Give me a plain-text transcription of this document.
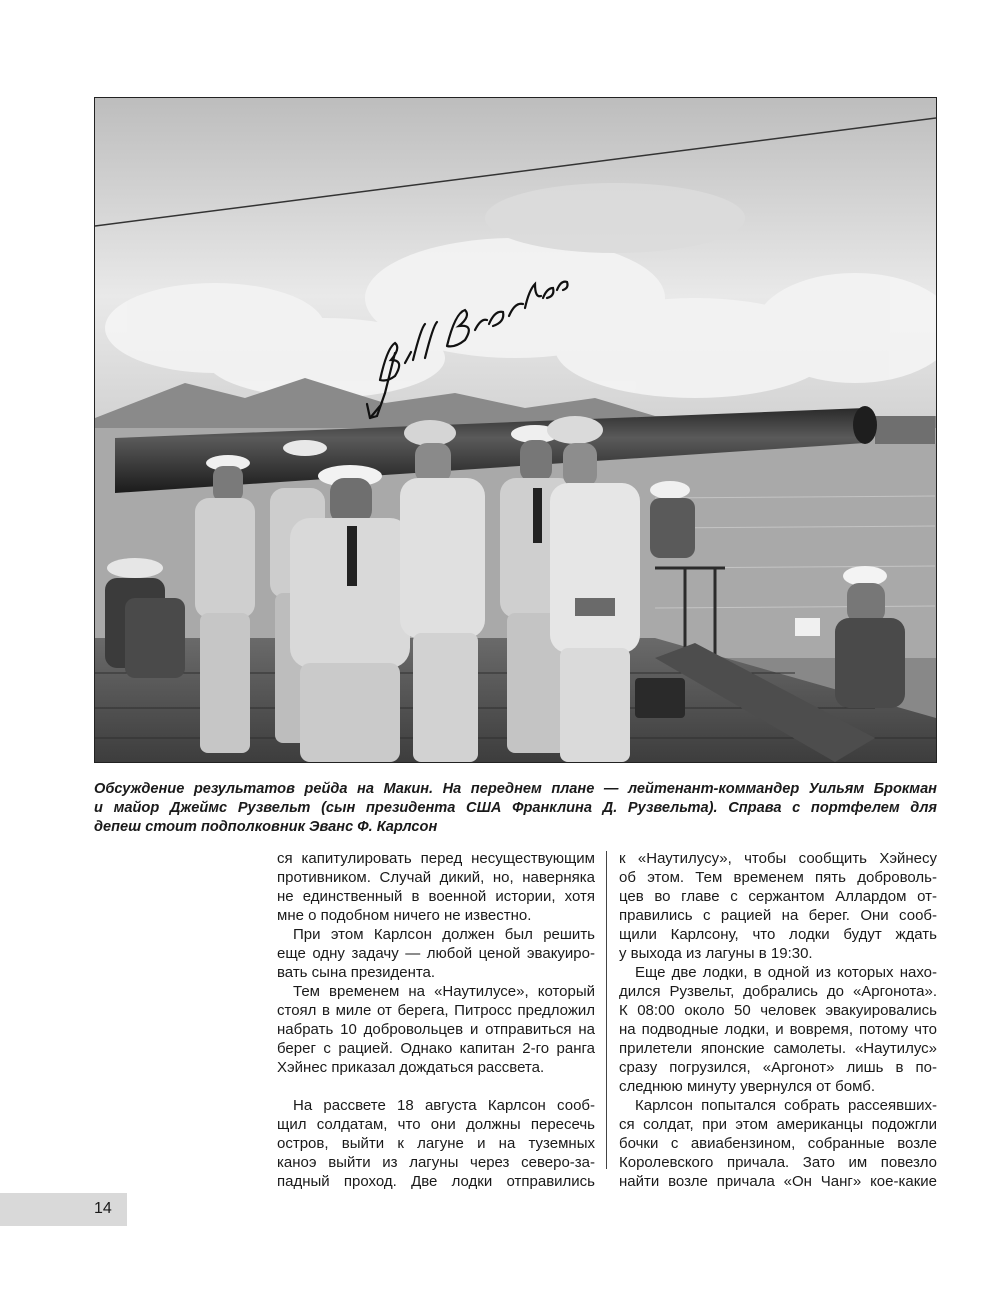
Обсуждение результатов рейда на Макин. На переднем плане — лейтенант-коммандер Уильям Брокман
и майор Джеймс Рузвельт (сын президента США Франклина Д. Рузвельта). Справа с портфелем для
депеш стоит подполковник Эванс Ф. Карлсон

ся капитулировать перед несуществующим
противником. Случай дикий, но, наверняка
не единственный в военной истории, хотя
мне о подобном ничего не известно.

При этом Карлсон должен был решить
еще одну задачу — любой ценой эвакуиро-
вать сына президента.

Тем временем на «Наутилусе», который
стоял в миле от берега, Питросс предложил
набрать 10 добровольцев и отправиться на
берег с рацией. Однако капитан 2-го ранга
Хэйнес приказал дождаться рассвета.

На рассвете 18 августа Карлсон сооб-
щил солдатам, что они должны пересечь
остров, выйти к лагуне и на туземных
каноэ выйти из лагуны через северо-за-
падный проход. Две лодки отправились

к «Наутилусу», чтобы сообщить Хэйнесу
об этом. Тем временем пять доброволь-
цев во главе с сержантом Аллардом от-
правились с рацией на берег. Они сооб-
щили Карлсону, что лодки будут ждать
у выхода из лагуны в 19:30.

Еще две лодки, в одной из которых нахо-
дился Рузвельт, добрались до «Аргонота».
К 08:00 около 50 человек эвакуировались
на подводные лодки, и вовремя, потому что
прилетели японские самолеты. «Наутилус»
сразу погрузился, «Аргонот» лишь в по-
следнюю минуту увернулся от бомб.

Карлсон попытался собрать рассеявших-
ся солдат, при этом американцы подожгли
бочки с авиабензином, собранные возле
Королевского причала. Зато им повезло
найти возле причала «Он Чанг» кое-какие

14
